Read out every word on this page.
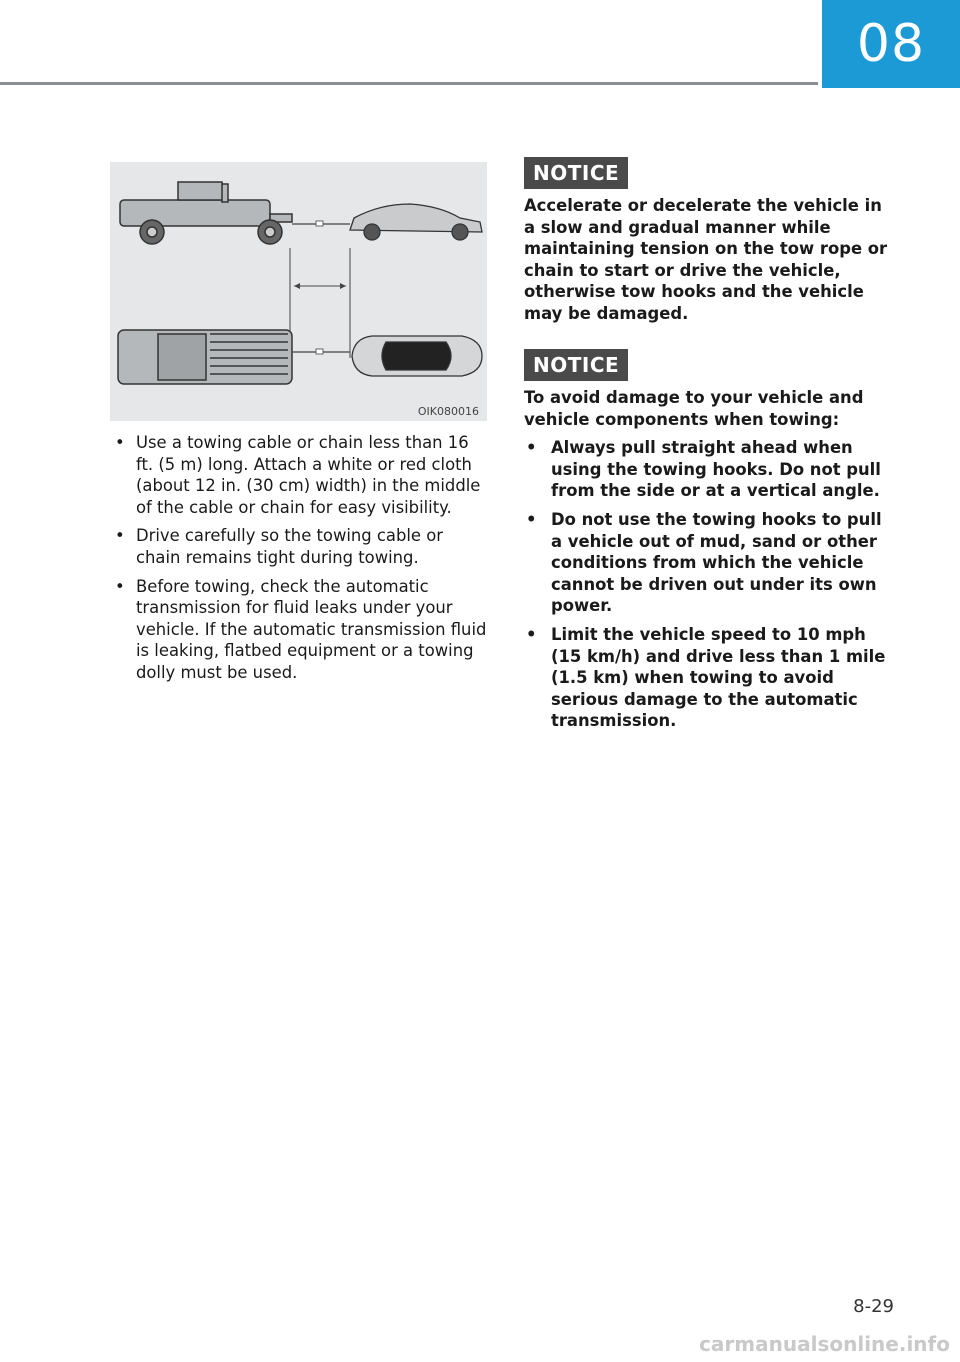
08
OIK080016
• Use a towing cable or chain less than 16 ft. (5 m) long. Attach a white or red cloth (about 12 in. (30 cm) width) in the middle of the cable or chain for easy visibility.
• Drive carefully so the towing cable or chain remains tight during towing.
• Before towing, check the automatic transmission for fluid leaks under your vehicle. If the automatic transmission fluid is leaking, flatbed equipment or a towing dolly must be used.
NOTICE
Accelerate or decelerate the vehicle in a slow and gradual manner while maintaining tension on the tow rope or chain to start or drive the vehicle, otherwise tow hooks and the vehicle may be damaged.
NOTICE
To avoid damage to your vehicle and vehicle components when towing:
• Always pull straight ahead when using the towing hooks. Do not pull from the side or at a vertical angle.
• Do not use the towing hooks to pull a vehicle out of mud, sand or other conditions from which the vehicle cannot be driven out under its own power.
• Limit the vehicle speed to 10 mph (15 km/h) and drive less than 1 mile (1.5 km) when towing to avoid serious damage to the automatic transmission.
8-29
carmanualsonline.info
